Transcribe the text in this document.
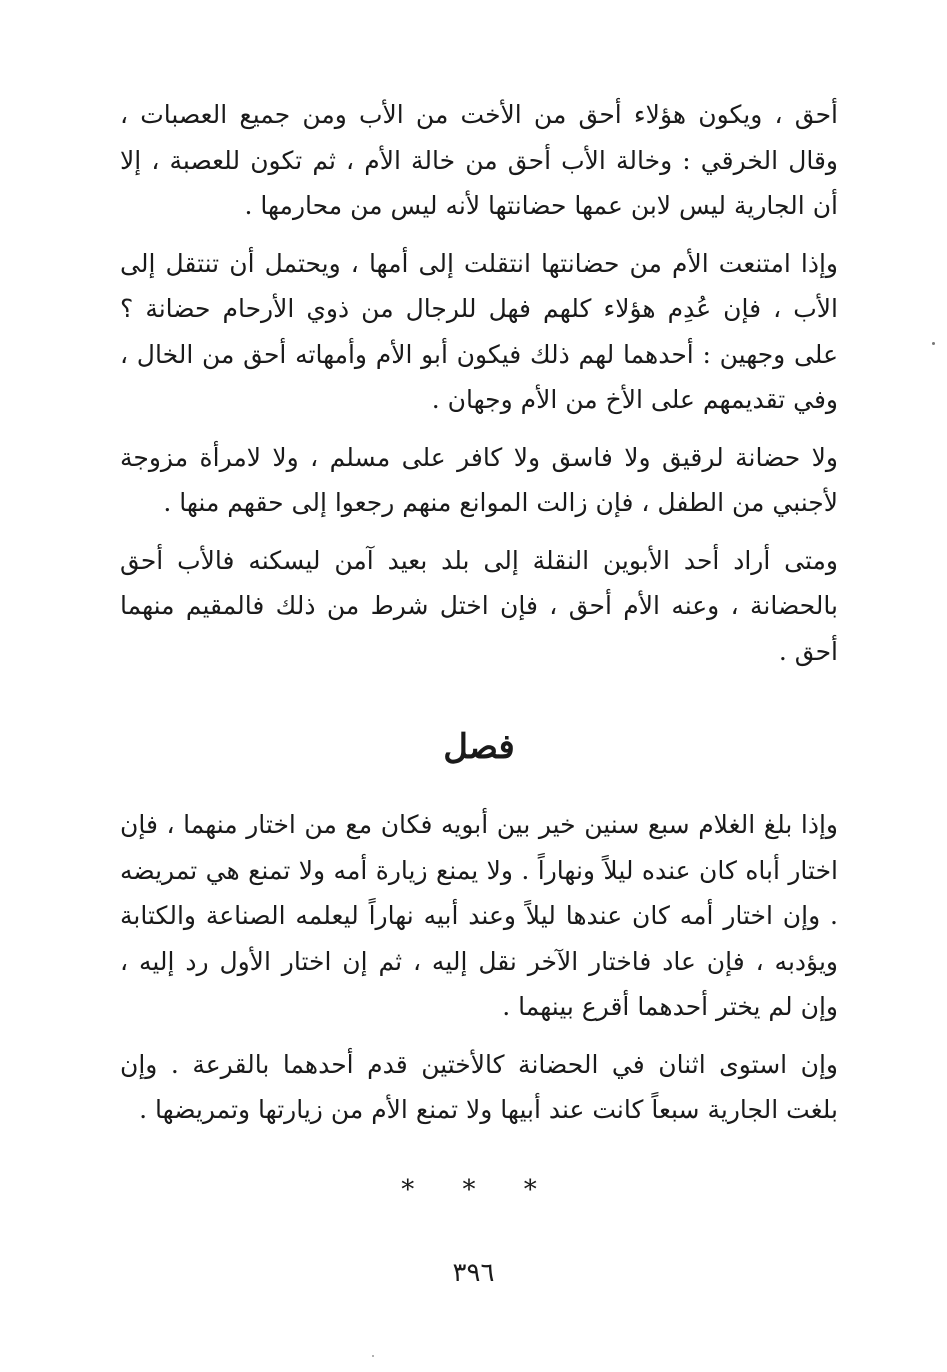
أحق ، ويكون هؤلاء أحق من الأخت من الأب ومن جميع العصبات ، وقال الخرقي : وخالة الأب أحق من خالة الأم ، ثم تكون للعصبة ، إلا أن الجارية ليس لابن عمها حضانتها لأنه ليس من محارمها .

وإذا امتنعت الأم من حضانتها انتقلت إلى أمها ، ويحتمل أن تنتقل إلى الأب ، فإن عُدِم هؤلاء كلهم فهل للرجال من ذوي الأرحام حضانة ؟ على وجهين : أحدهما لهم ذلك فيكون أبو الأم وأمهاته أحق من الخال ، وفي تقديمهم على الأخ من الأم وجهان .

ولا حضانة لرقيق ولا فاسق ولا كافر على مسلم ، ولا لامرأة مزوجة لأجنبي من الطفل ، فإن زالت الموانع منهم رجعوا إلى حقهم منها .

ومتى أراد أحد الأبوين النقلة إلى بلد بعيد آمن ليسكنه فالأب أحق بالحضانة ، وعنه الأم أحق ، فإن اختل شرط من ذلك فالمقيم منهما أحق .

فصل

وإذا بلغ الغلام سبع سنين خير بين أبويه فكان مع من اختار منهما ، فإن اختار أباه كان عنده ليلاً ونهاراً . ولا يمنع زيارة أمه ولا تمنع هي تمريضه . وإن اختار أمه كان عندها ليلاً وعند أبيه نهاراً ليعلمه الصناعة والكتابة ويؤدبه ، فإن عاد فاختار الآخر نقل إليه ، ثم إن اختار الأول رد إليه ، وإن لم يختر أحدهما أقرع بينهما .

وإن استوى اثنان في الحضانة كالأختين قدم أحدهما بالقرعة . وإن بلغت الجارية سبعاً كانت عند أبيها ولا تمنع الأم من زيارتها وتمريضها .

* * *
٣٩٦
